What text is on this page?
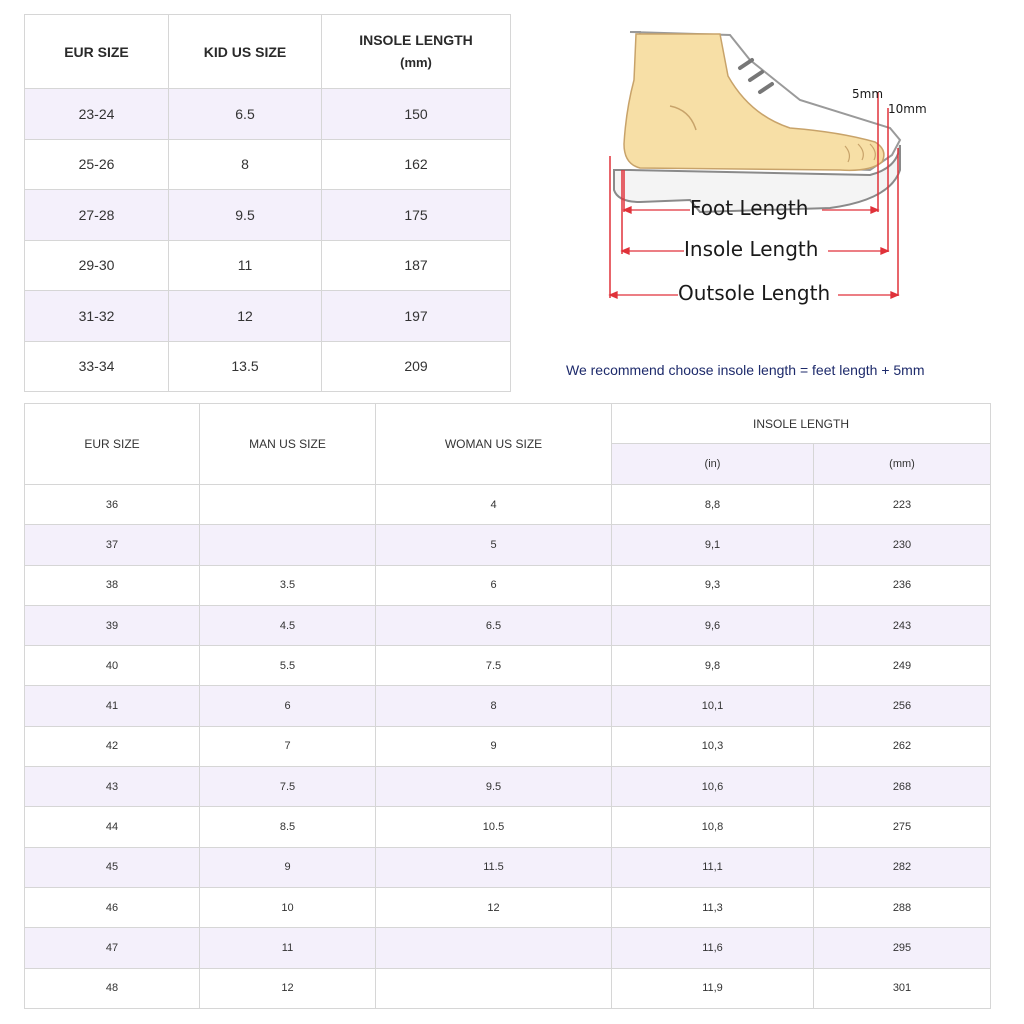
EUR SIZE	KID US SIZE	INSOLE LENGTH
(mm)
23-24	6.5	150
25-26	8	162
27-28	9.5	175
29-30	11	187
31-32	12	197
33-34	13.5	209
Foot Length
Insole Length
Outsole Length
5mm
10mm
We recommend choose insole length = feet length + 5mm
EUR SIZE	MAN US SIZE	WOMAN US SIZE	INSOLE LENGTH	
			(in)	(mm)
36		4	8,8	223
37		5	9,1	230
38	3.5	6	9,3	236
39	4.5	6.5	9,6	243
40	5.5	7.5	9,8	249
41	6	8	10,1	256
42	7	9	10,3	262
43	7.5	9.5	10,6	268
44	8.5	10.5	10,8	275
45	9	11.5	11,1	282
46	10	12	11,3	288
47	11		11,6	295
48	12		11,9	301
